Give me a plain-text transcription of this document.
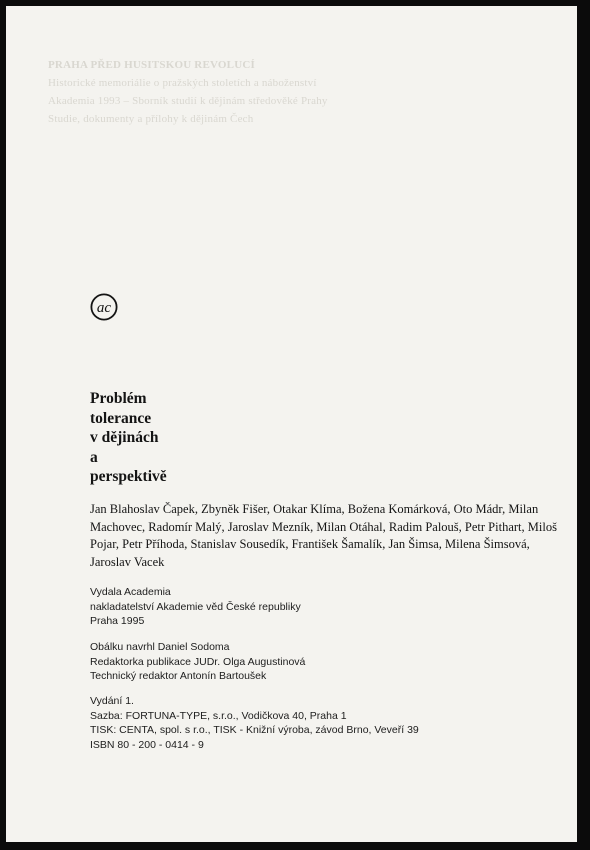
PRAHA PŘED HUSITSKOU REVOLUCÍ
Historické memoriálie o pražských stoletích a náboženství
Akademia 1993 – Sborník studií k dějinám středověké Prahy
Studie, dokumenty a přílohy k dějinám Čech
ac
Problém
tolerance
v dějinách
a
perspektivě
Jan Blahoslav Čapek, Zbyněk Fišer, Otakar Klíma, Božena Komárková, Oto Mádr, Milan Machovec, Radomír Malý, Jaroslav Mezník, Milan Otáhal, Radim Palouš, Petr Pithart, Miloš Pojar, Petr Příhoda, Stanislav Sousedík, František Šamalík, Jan Šimsa, Milena Šimsová, Jaroslav Vacek
Vydala Academia
nakladatelství Akademie věd České republiky
Praha 1995
Obálku navrhl Daniel Sodoma
Redaktorka publikace JUDr. Olga Augustinová
Technický redaktor Antonín Bartoušek
Vydání 1.
Sazba: FORTUNA-TYPE, s.r.o., Vodičkova 40, Praha 1
TISK: CENTA, spol. s r.o., TISK - Knižní výroba, závod Brno, Veveří 39
ISBN 80 - 200 - 0414 - 9
